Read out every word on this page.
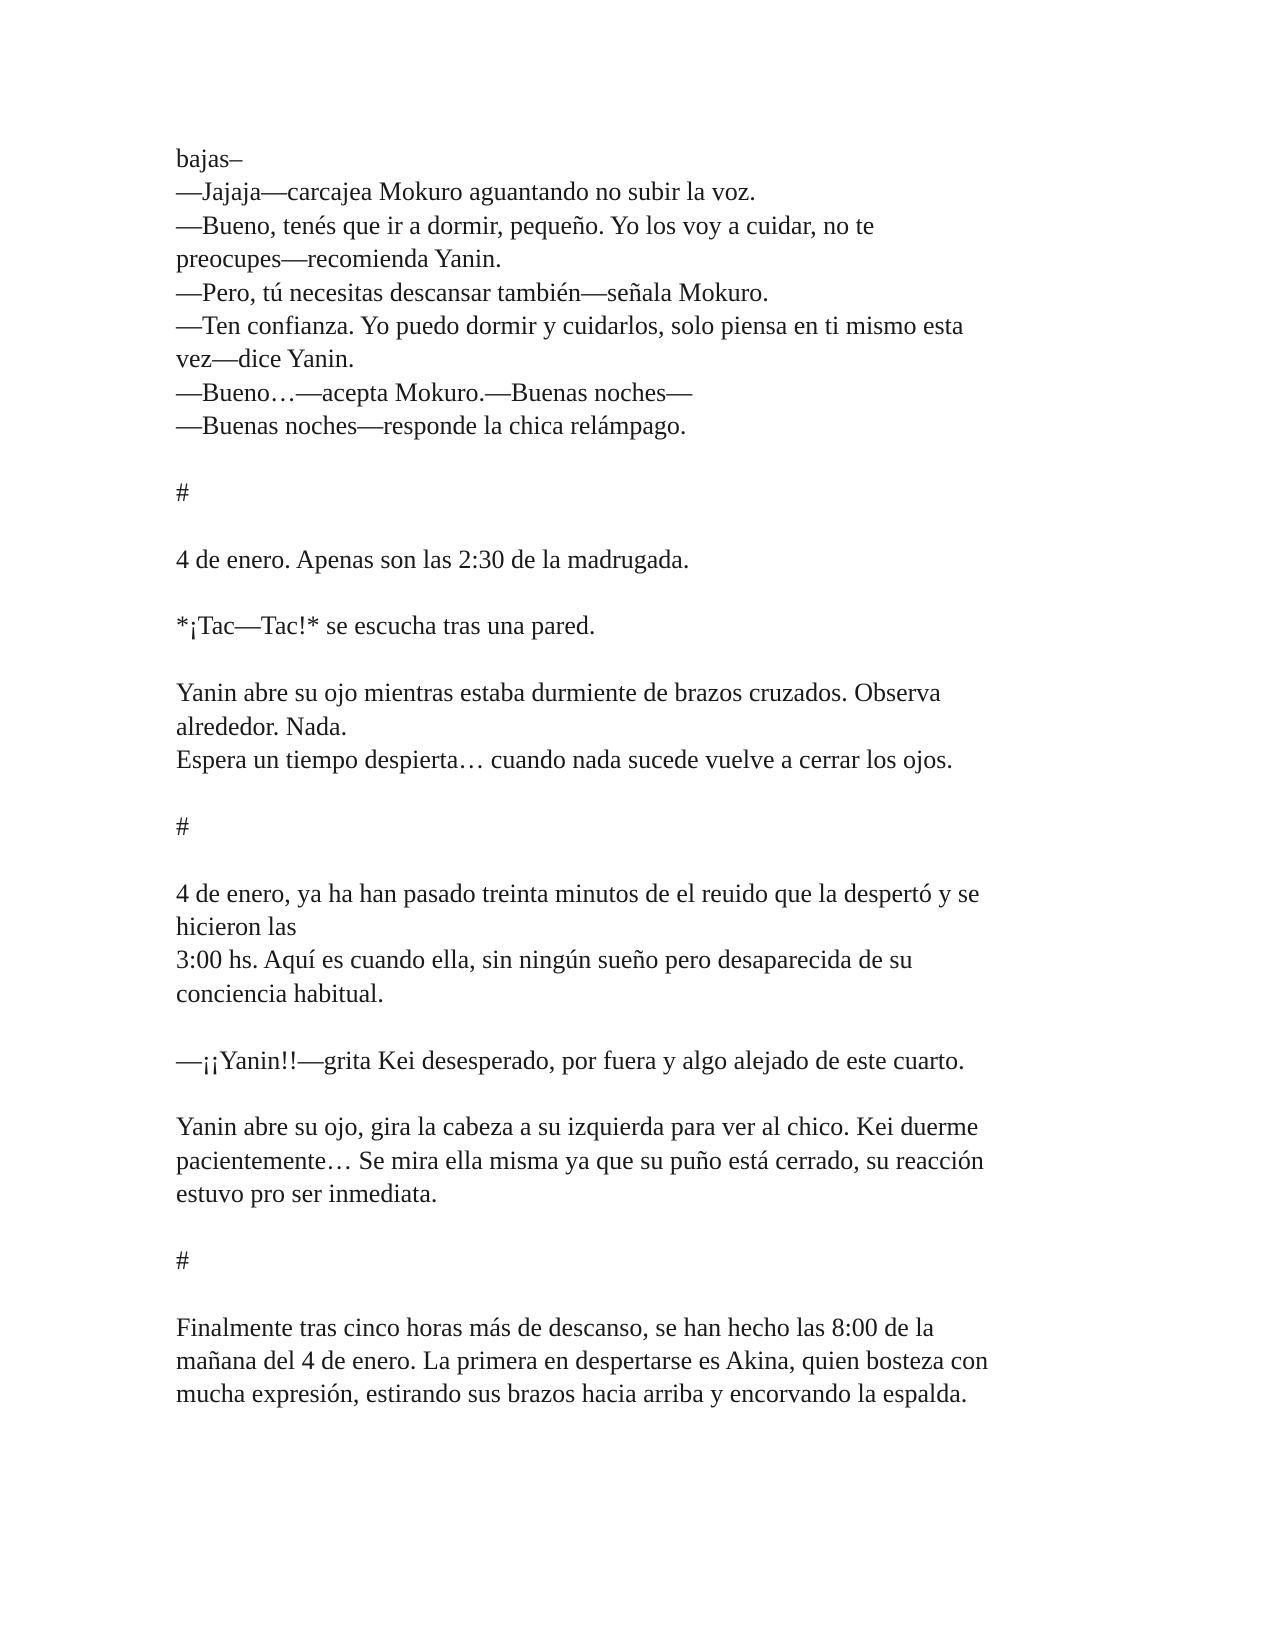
bajas–
—Jajaja—carcajea Mokuro aguantando no subir la voz.
—Bueno, tenés que ir a dormir, pequeño. Yo los voy a cuidar, no te
preocupes—recomienda Yanin.
—Pero, tú necesitas descansar también—señala Mokuro.
—Ten confianza. Yo puedo dormir y cuidarlos, solo piensa en ti mismo esta
vez—dice Yanin.
—Bueno…—acepta Mokuro.—Buenas noches—
—Buenas noches—responde la chica relámpago.
#
4 de enero. Apenas son las 2:30 de la madrugada.
*¡Tac—Tac!* se escucha tras una pared.
Yanin abre su ojo mientras estaba durmiente de brazos cruzados. Observa
alrededor. Nada.
Espera un tiempo despierta… cuando nada sucede vuelve a cerrar los ojos.
#
4 de enero, ya ha han pasado treinta minutos de el reuido que la despertó y se
hicieron las
3:00 hs. Aquí es cuando ella, sin ningún sueño pero desaparecida de su
conciencia habitual.
—¡¡Yanin!!—grita Kei desesperado, por fuera y algo alejado de este cuarto.
Yanin abre su ojo, gira la cabeza a su izquierda para ver al chico. Kei duerme
pacientemente… Se mira ella misma ya que su puño está cerrado, su reacción
estuvo pro ser inmediata.
#
Finalmente tras cinco horas más de descanso, se han hecho las 8:00 de la
mañana del 4 de enero. La primera en despertarse es Akina, quien bosteza con
mucha expresión, estirando sus brazos hacia arriba y encorvando la espalda.
